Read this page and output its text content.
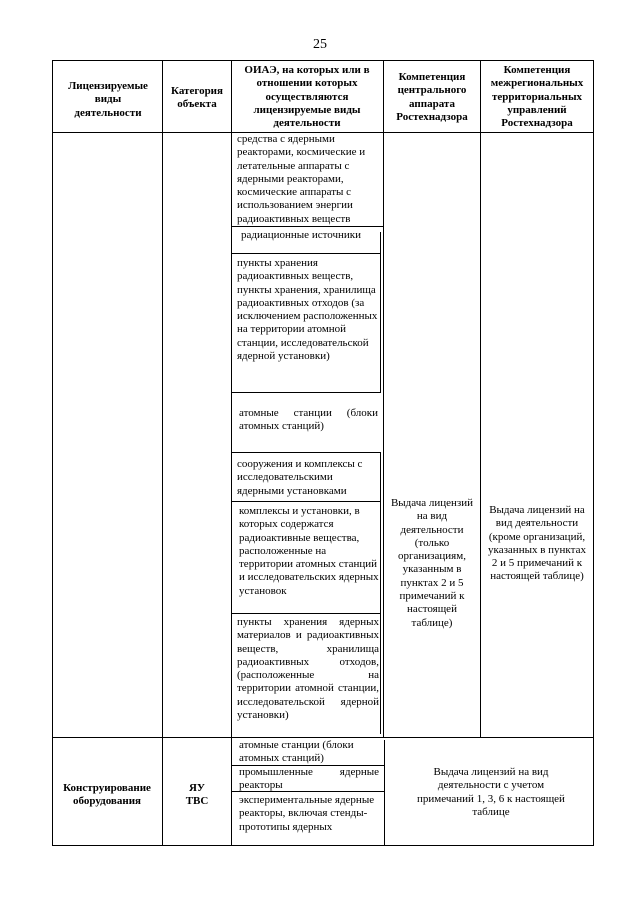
25
Лицензируемые виды деятельности
Категория объекта
ОИАЭ, на которых или в отношении которых осуществляются лицензируемые виды деятельности
Компетенция центрального аппарата Ростехнадзора
Компетенция межрегиональных территориальных управлений Ростехнадзора
средства с ядерными реакторами, космические и летательные аппараты с ядерными реакторами, космические аппараты с использованием энергии радиоактивных веществ
радиационные источники
пункты хранения радиоактивных веществ, пункты хранения, хранилища радиоактивных отходов (за исключением расположенных на территории атомной станции, исследовательской ядерной установки)
атомные станции (блоки атомных станций)
сооружения и комплексы с исследовательскими ядерными установками
комплексы и установки, в которых содержатся радиоактивные вещества, расположенные на территории атомных станций и исследовательских ядерных установок
пункты хранения ядерных материалов и радиоактивных веществ, хранилища радиоактивных отходов, (расположенные на территории атомной станции, исследовательской ядерной установки)
Выдача лицензий на вид деятельности (только организациям, указанным в пунктах 2 и 5 примечаний к настоящей таблице)
Выдача лицензий на вид деятельности (кроме организаций, указанных в пунктах 2 и 5 примечаний к настоящей таблице)
Конструирование оборудования
ЯУ
ТВС
атомные станции (блоки атомных станций)
промышленные ядерные реакторы
экспериментальные ядерные реакторы, включая стенды-прототипы ядерных
Выдача лицензий на вид деятельности с учетом примечаний 1, 3, 6 к настоящей таблице
